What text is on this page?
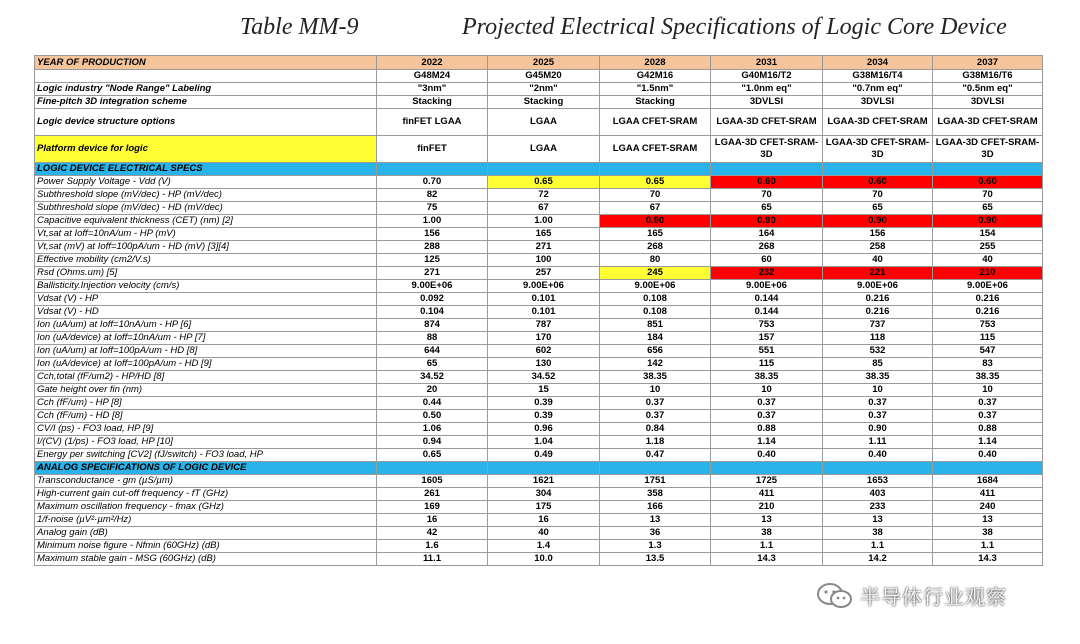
Table MM-9	Projected Electrical Specifications of Logic Core Device
YEAR OF PRODUCTION	2022	2025	2028	2031	2034	2037
	G48M24	G45M20	G42M16	G40M16/T2	G38M16/T4	G38M16/T6
Logic industry "Node Range" Labeling	"3nm"	"2nm"	"1.5nm"	"1.0nm eq"	"0.7nm eq"	"0.5nm eq"
Fine-pitch 3D integration scheme	Stacking	Stacking	Stacking	3DVLSI	3DVLSI	3DVLSI
Logic device structure options	finFET LGAA	LGAA	LGAA CFET-SRAM	LGAA-3D CFET-SRAM	LGAA-3D CFET-SRAM	LGAA-3D CFET-SRAM
Platform device for logic	finFET	LGAA	LGAA CFET-SRAM	LGAA-3D CFET-SRAM-3D	LGAA-3D CFET-SRAM-3D	LGAA-3D CFET-SRAM-3D
LOGIC DEVICE ELECTRICAL SPECS						
Power Supply Voltage - Vdd (V)	0.70	0.65	0.65	0.60	0.60	0.60
Subthreshold slope (mV/dec) - HP (mV/dec)	82	72	70	70	70	70
Subthreshold slope (mV/dec) - HD (mV/dec)	75	67	67	65	65	65
Capacitive equivalent thickness (CET) (nm) [2]	1.00	1.00	0.90	0.90	0.90	0.90
Vt,sat at Ioff=10nA/um - HP (mV)	156	165	165	164	156	154
Vt,sat (mV) at Ioff=100pA/um - HD (mV) [3][4]	288	271	268	268	258	255
Effective mobility (cm2/V.s)	125	100	80	60	40	40
Rsd (Ohms.um) [5]	271	257	245	232	221	210
Ballisticity.Injection velocity (cm/s)	9.00E+06	9.00E+06	9.00E+06	9.00E+06	9.00E+06	9.00E+06
Vdsat (V) - HP	0.092	0.101	0.108	0.144	0.216	0.216
Vdsat (V) - HD	0.104	0.101	0.108	0.144	0.216	0.216
Ion (uA/um) at Ioff=10nA/um - HP [6]	874	787	851	753	737	753
Ion (uA/device) at Ioff=10nA/um - HP [7]	88	170	184	157	118	115
Ion (uA/um) at Ioff=100pA/um - HD [8]	644	602	656	551	532	547
Ion (uA/device) at Ioff=100pA/um - HD [9]	65	130	142	115	85	83
Cch,total (fF/um2) - HP/HD [8]	34.52	34.52	38.35	38.35	38.35	38.35
Gate height over fin (nm)	20	15	10	10	10	10
Cch (fF/um) - HP [8]	0.44	0.39	0.37	0.37	0.37	0.37
Cch (fF/um) - HD [8]	0.50	0.39	0.37	0.37	0.37	0.37
CV/I (ps) - FO3 load, HP [9]	1.06	0.96	0.84	0.88	0.90	0.88
I/(CV) (1/ps) - FO3 load, HP [10]	0.94	1.04	1.18	1.14	1.11	1.14
Energy per switching [CV2] (fJ/switch) - FO3 load, HP	0.65	0.49	0.47	0.40	0.40	0.40
ANALOG SPECIFICATIONS OF LOGIC DEVICE						
Transconductance - gm (µS/µm)	1605	1621	1751	1725	1653	1684
High-current gain cut-off frequency - fT (GHz)	261	304	358	411	403	411
Maximum oscillation frequency - fmax (GHz)	169	175	166	210	233	240
1/f-noise (µV²·µm²/Hz)	16	16	13	13	13	13
Analog gain (dB)	42	40	36	38	38	38
Minimum noise figure - Nfmin (60GHz) (dB)	1.6	1.4	1.3	1.1	1.1	1.1
Maximum stable gain - MSG (60GHz) (dB)	11.1	10.0	13.5	14.3	14.2	14.3
半导体行业观察
